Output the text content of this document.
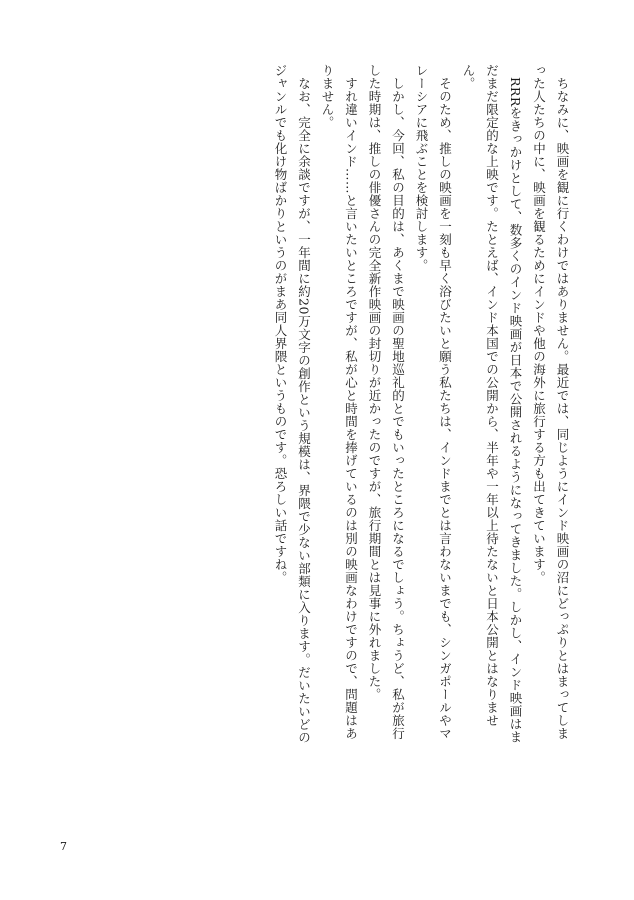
ちなみに、映画を観に行くわけではありません。最近では、同じようにインド映画の沼にどっぷりとはまってしまった人たちの中に、映画を観るためにインドや他の海外に旅行する方も出てきています。

RRRをきっかけとして、数多くのインド映画が日本で公開されるようになってきました。しかし、インド映画はまだまだ限定的な上映です。たとえば、インド本国での公開から、半年や一年以上待たないと日本公開とはなりません。

そのため、推しの映画を一刻も早く浴びたいと願う私たちは、インドまでとは言わないまでも、シンガポールやマレーシアに飛ぶことを検討します。

しかし、今回、私の目的は、あくまで映画の聖地巡礼的とでもいったところになるでしょう。ちょうど、私が旅行した時期は、推しの俳優さんの完全新作映画の封切りが近かったのですが、旅行期間とは見事に外れました。

すれ違いインド……と言いたいところですが、私が心と時間を捧げているのは別の映画なわけですので、問題はありません。

なお、完全に余談ですが、一年間に約20万文字の創作という規模は、界隈で少ない部類に入ります。だいたいどのジャンルでも化け物ばかりというのがまあ同人界隈というものです。恐ろしい話ですね。

7
